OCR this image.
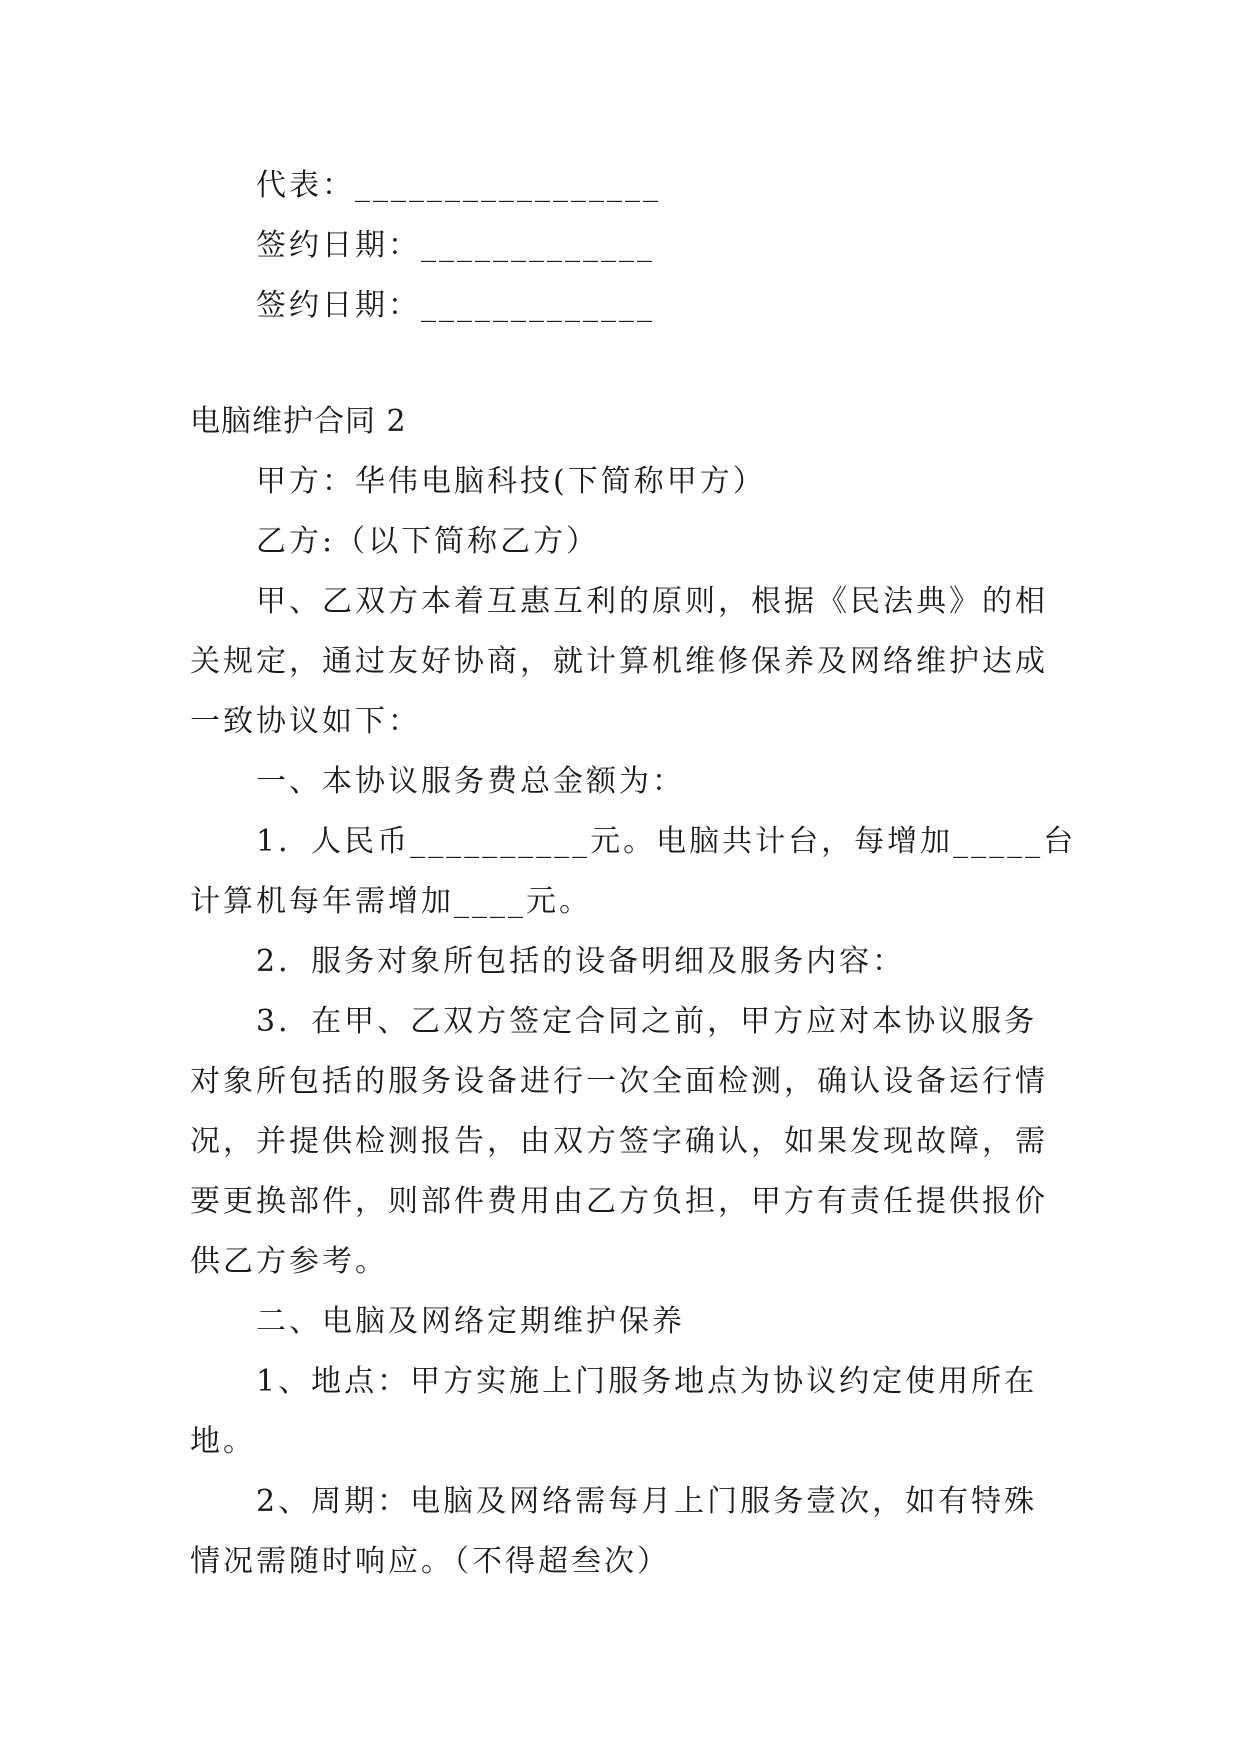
代表：_________________
签约日期：_____________
签约日期：_____________
电脑维护合同 2
甲方：华伟电脑科技(下简称甲方）
乙方:（以下简称乙方）
甲、乙双方本着互惠互利的原则，根据《民法典》的相
关规定，通过友好协商，就计算机维修保养及网络维护达成
一致协议如下：
一、本协议服务费总金额为：
1．人民币__________元。电脑共计台，每增加_____台
计算机每年需增加____元。
2．服务对象所包括的设备明细及服务内容：
3．在甲、乙双方签定合同之前，甲方应对本协议服务
对象所包括的服务设备进行一次全面检测，确认设备运行情
况，并提供检测报告，由双方签字确认，如果发现故障，需
要更换部件，则部件费用由乙方负担，甲方有责任提供报价
供乙方参考。
二、电脑及网络定期维护保养
1、地点：甲方实施上门服务地点为协议约定使用所在
地。
2、周期：电脑及网络需每月上门服务壹次，如有特殊
情况需随时响应。（不得超叁次）
